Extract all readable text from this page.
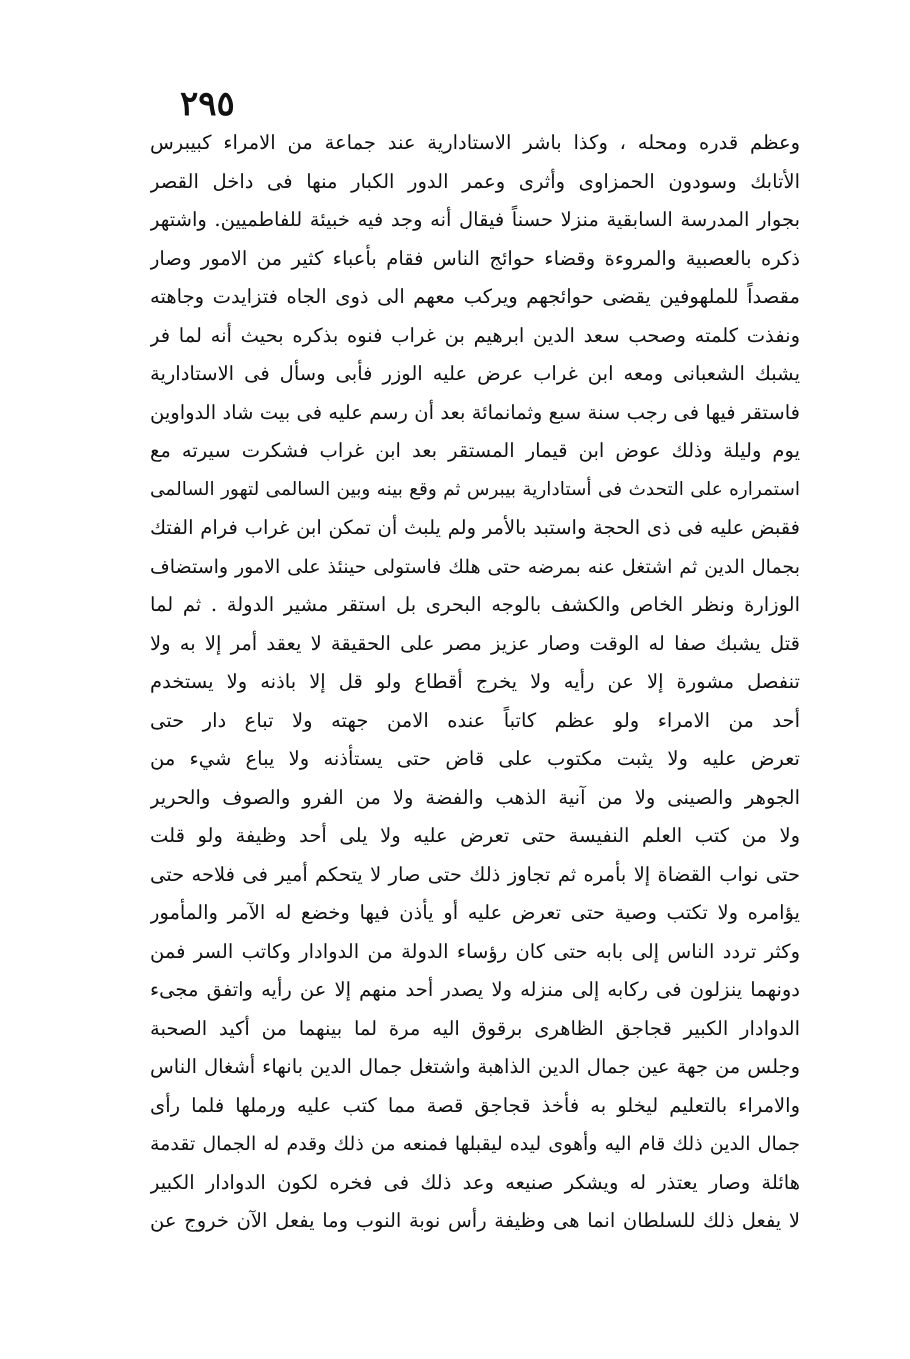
٢٩٥
وعظم قدره ومحله ، وكذا باشر الاستادارية عند جماعة من الامراء كبيبرس
الأتابك وسودون الحمزاوى وأثرى وعمر الدور الكبار منها فى داخل القصر
بجوار المدرسة السابقية منزلا حسناً فيقال أنه وجد فيه خبيئة للفاطميين. واشتهر
ذكره بالعصبية والمروءة وقضاء حوائج الناس فقام بأعباء كثير من الامور وصار
مقصداً للملهوفين يقضى حوائجهم ويركب معهم الى ذوى الجاه فتزايدت وجاهته
ونفذت كلمته وصحب سعد الدين ابرهيم بن غراب فنوه بذكره بحيث أنه لما فر
يشبك الشعبانى ومعه ابن غراب عرض عليه الوزر فأبى وسأل فى الاستادارية
فاستقر فيها فى رجب سنة سبع وثمانمائة بعد أن رسم عليه فى بيت شاد الدواوين
يوم وليلة وذلك عوض ابن قيمار المستقر بعد ابن غراب فشكرت سيرته مع
استمراره على التحدث فى أستادارية بيبرس ثم وقع بينه وبين السالمى لتهور السالمى
فقبض عليه فى ذى الحجة واستبد بالأمر ولم يلبث أن تمكن ابن غراب فرام الفتك
بجمال الدين ثم اشتغل عنه بمرضه حتى هلك فاستولى حينئذ على الامور واستضاف
الوزارة ونظر الخاص والكشف بالوجه البحرى بل استقر مشير الدولة . ثم لما
قتل يشبك صفا له الوقت وصار عزيز مصر على الحقيقة لا يعقد أمر إلا به ولا
تنفصل مشورة إلا عن رأيه ولا يخرج أقطاع ولو قل إلا باذنه ولا يستخدم
أحد من الامراء ولو عظم كاتباً عنده الامن جهته ولا تباع دار حتى
تعرض عليه ولا يثبت مكتوب على قاض حتى يستأذنه ولا يباع شيء من
الجوهر والصينى ولا من آنية الذهب والفضة ولا من الفرو والصوف والحرير
ولا من كتب العلم النفيسة حتى تعرض عليه ولا يلى أحد وظيفة ولو قلت
حتى نواب القضاة إلا بأمره ثم تجاوز ذلك حتى صار لا يتحكم أمير فى فلاحه حتى
يؤامره ولا تكتب وصية حتى تعرض عليه أو يأذن فيها وخضع له الآمر والمأمور
وكثر تردد الناس إلى بابه حتى كان رؤساء الدولة من الدوادار وكاتب السر فمن
دونهما ينزلون فى ركابه إلى منزله ولا يصدر أحد منهم إلا عن رأيه واتفق مجىء
الدوادار الكبير قجاجق الظاهرى برقوق اليه مرة لما بينهما من أكيد الصحبة
وجلس من جهة عين جمال الدين الذاهبة واشتغل جمال الدين بانهاء أشغال الناس
والامراء بالتعليم ليخلو به فأخذ قجاجق قصة مما كتب عليه ورملها فلما رأى
جمال الدين ذلك قام اليه وأهوى ليده ليقبلها فمنعه من ذلك وقدم له الجمال تقدمة
هائلة وصار يعتذر له ويشكر صنيعه وعد ذلك فى فخره لكون الدوادار الكبير
لا يفعل ذلك للسلطان انما هى وظيفة رأس نوبة النوب وما يفعل الآن خروج عن
